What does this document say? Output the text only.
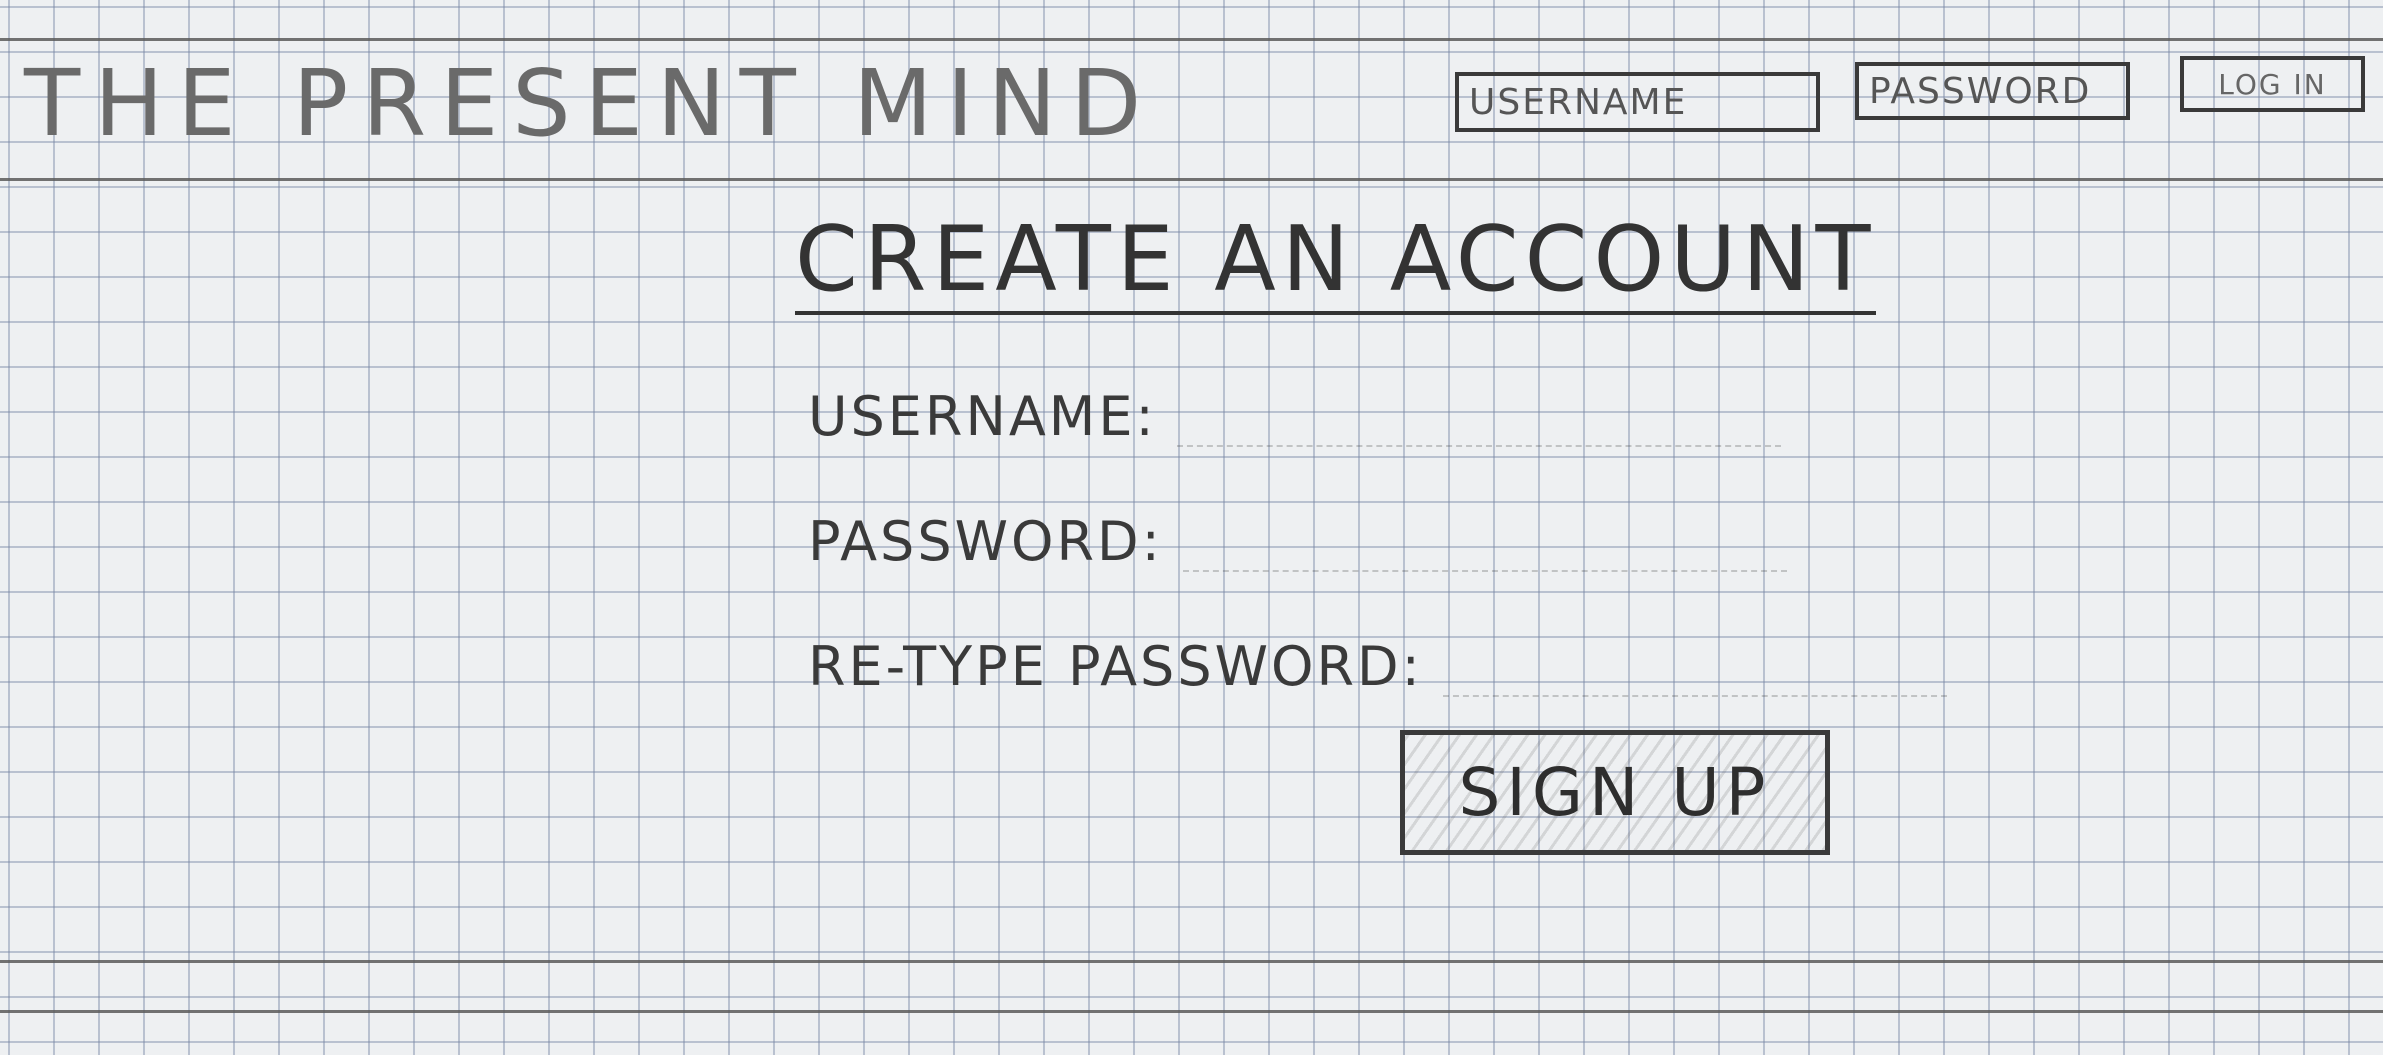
THE PRESENT MIND
USERNAME	LOG IN
CREATE AN ACCOUNT
USERNAME:
PASSWORD:
RE-TYPE PASSWORD:
SIGN UP
